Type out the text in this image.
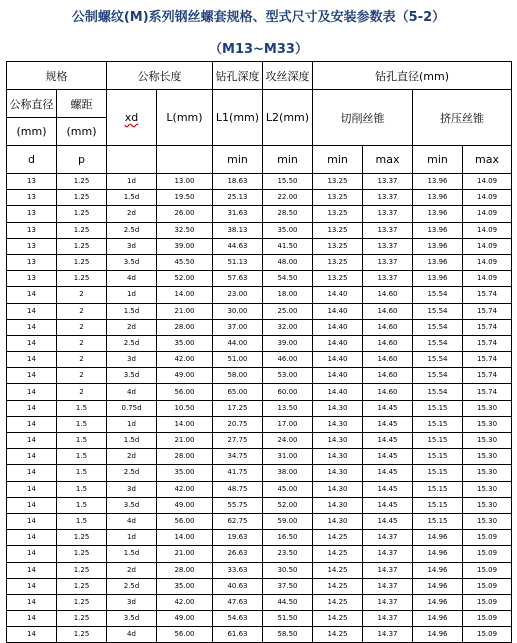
公制螺纹(M)系列钢丝螺套规格、型式尺寸及安装参数表（5-2）
（M13~M33）
规格		公称长度		钻孔深度	攻丝深度	钻孔直径(mm)			
公称直径	螺距	xd	L(mm)	L1(mm)	L2(mm)	切削丝锥		挤压丝锥	
(mm)	(mm)								
d	p			min	min	min	max	min	max
13	1.25	1d	13.00	18.63	15.50	13.25	13.37	13.96	14.09
13	1.25	1.5d	19.50	25.13	22.00	13.25	13.37	13.96	14.09
13	1.25	2d	26.00	31.63	28.50	13.25	13.37	13.96	14.09
13	1.25	2.5d	32.50	38.13	35.00	13.25	13.37	13.96	14.09
13	1.25	3d	39.00	44.63	41.50	13.25	13.37	13.96	14.09
13	1.25	3.5d	45.50	51.13	48.00	13.25	13.37	13.96	14.09
13	1.25	4d	52.00	57.63	54.50	13.25	13.37	13.96	14.09
14	2	1d	14.00	23.00	18.00	14.40	14.60	15.54	15.74
14	2	1.5d	21.00	30.00	25.00	14.40	14.60	15.54	15.74
14	2	2d	28.00	37.00	32.00	14.40	14.60	15.54	15.74
14	2	2.5d	35.00	44.00	39.00	14.40	14.60	15.54	15.74
14	2	3d	42.00	51.00	46.00	14.40	14.60	15.54	15.74
14	2	3.5d	49.00	58.00	53.00	14.40	14.60	15.54	15.74
14	2	4d	56.00	65.00	60.00	14.40	14.60	15.54	15.74
14	1.5	0.75d	10.50	17.25	13.50	14.30	14.45	15.15	15.30
14	1.5	1d	14.00	20.75	17.00	14.30	14.45	15.15	15.30
14	1.5	1.5d	21.00	27.75	24.00	14.30	14.45	15.15	15.30
14	1.5	2d	28.00	34.75	31.00	14.30	14.45	15.15	15.30
14	1.5	2.5d	35.00	41.75	38.00	14.30	14.45	15.15	15.30
14	1.5	3d	42.00	48.75	45.00	14.30	14.45	15.15	15.30
14	1.5	3.5d	49.00	55.75	52.00	14.30	14.45	15.15	15.30
14	1.5	4d	56.00	62.75	59.00	14.30	14.45	15.15	15.30
14	1.25	1d	14.00	19.63	16.50	14.25	14.37	14.96	15.09
14	1.25	1.5d	21.00	26.63	23.50	14.25	14.37	14.96	15.09
14	1.25	2d	28.00	33.63	30.50	14.25	14.37	14.96	15.09
14	1.25	2.5d	35.00	40.63	37.50	14.25	14.37	14.96	15.09
14	1.25	3d	42.00	47.63	44.50	14.25	14.37	14.96	15.09
14	1.25	3.5d	49.00	54.63	51.50	14.25	14.37	14.96	15.09
14	1.25	4d	56.00	61.63	58.50	14.25	14.37	14.96	15.09
